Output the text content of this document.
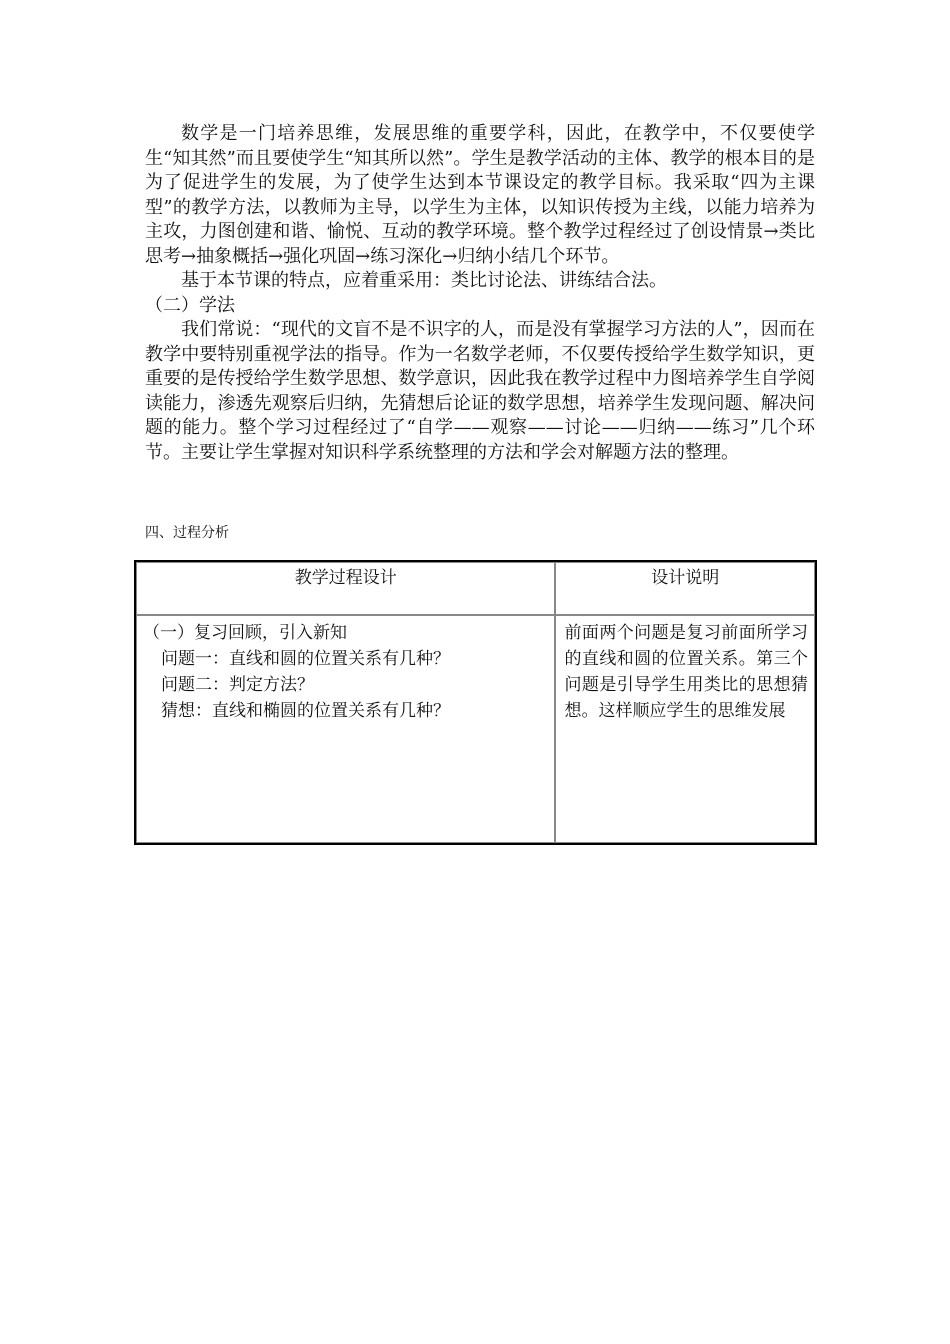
数学是一门培养思维，发展思维的重要学科，因此，在教学中，不仅要使学生“知其然”而且要使学生“知其所以然”。学生是教学活动的主体、教学的根本目的是为了促进学生的发展，为了使学生达到本节课设定的教学目标。我采取“四为主课型”的教学方法，以教师为主导，以学生为主体，以知识传授为主线，以能力培养为主攻，力图创建和谐、愉悦、互动的教学环境。整个教学过程经过了创设情景→类比思考→抽象概括→强化巩固→练习深化→归纳小结几个环节。

基于本节课的特点，应着重采用：类比讨论法、讲练结合法。

（二）学法

我们常说：“现代的文盲不是不识字的人，而是没有掌握学习方法的人”，因而在教学中要特别重视学法的指导。作为一名数学老师，不仅要传授给学生数学知识，更重要的是传授给学生数学思想、数学意识，因此我在教学过程中力图培养学生自学阅读能力，渗透先观察后归纳，先猜想后论证的数学思想，培养学生发现问题、解决问题的能力。整个学习过程经过了“自学——观察——讨论——归纳——练习”几个环节。主要让学生掌握对知识科学系统整理的方法和学会对解题方法的整理。

四、过程分析

教学过程设计	设计说明

（一）复习回顾，引入新知
问题一：直线和圆的位置关系有几种？
问题二：判定方法？
猜想：直线和椭圆的位置关系有几种？	前面两个问题是复习前面所学习的直线和圆的位置关系。第三个问题是引导学生用类比的思想猜想。这样顺应学生的思维发展
